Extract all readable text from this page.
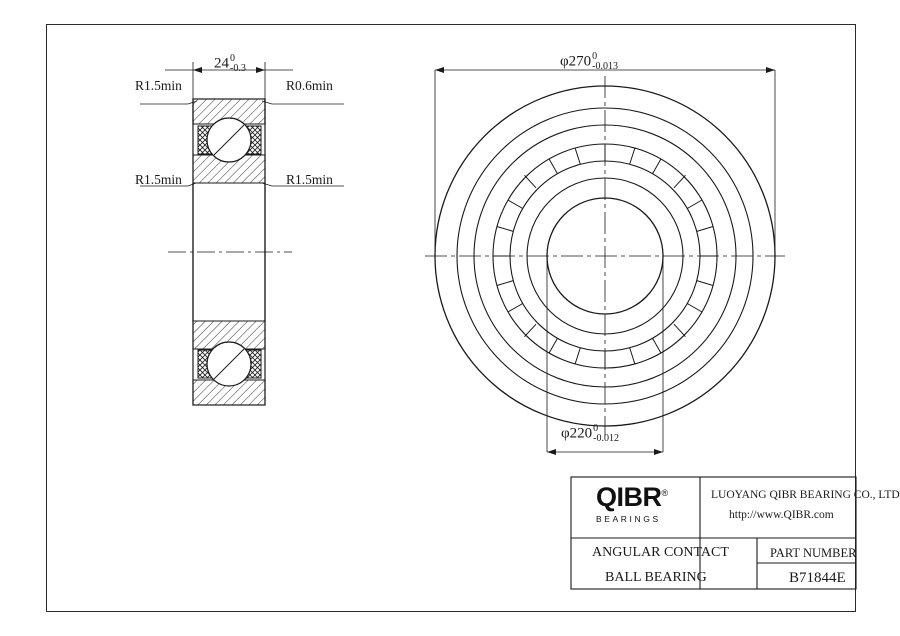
24 0
-0.3
R1.5min	R0.6min
R1.5min	R1.5min
φ270 0
-0.013
φ220 0
-0.012
QIBR®
BEARINGS
LUOYANG QIBR BEARING CO., LTD
http://www.QIBR.com
ANGULAR CONTACT
BALL BEARING
PART NUMBER
B71844E
